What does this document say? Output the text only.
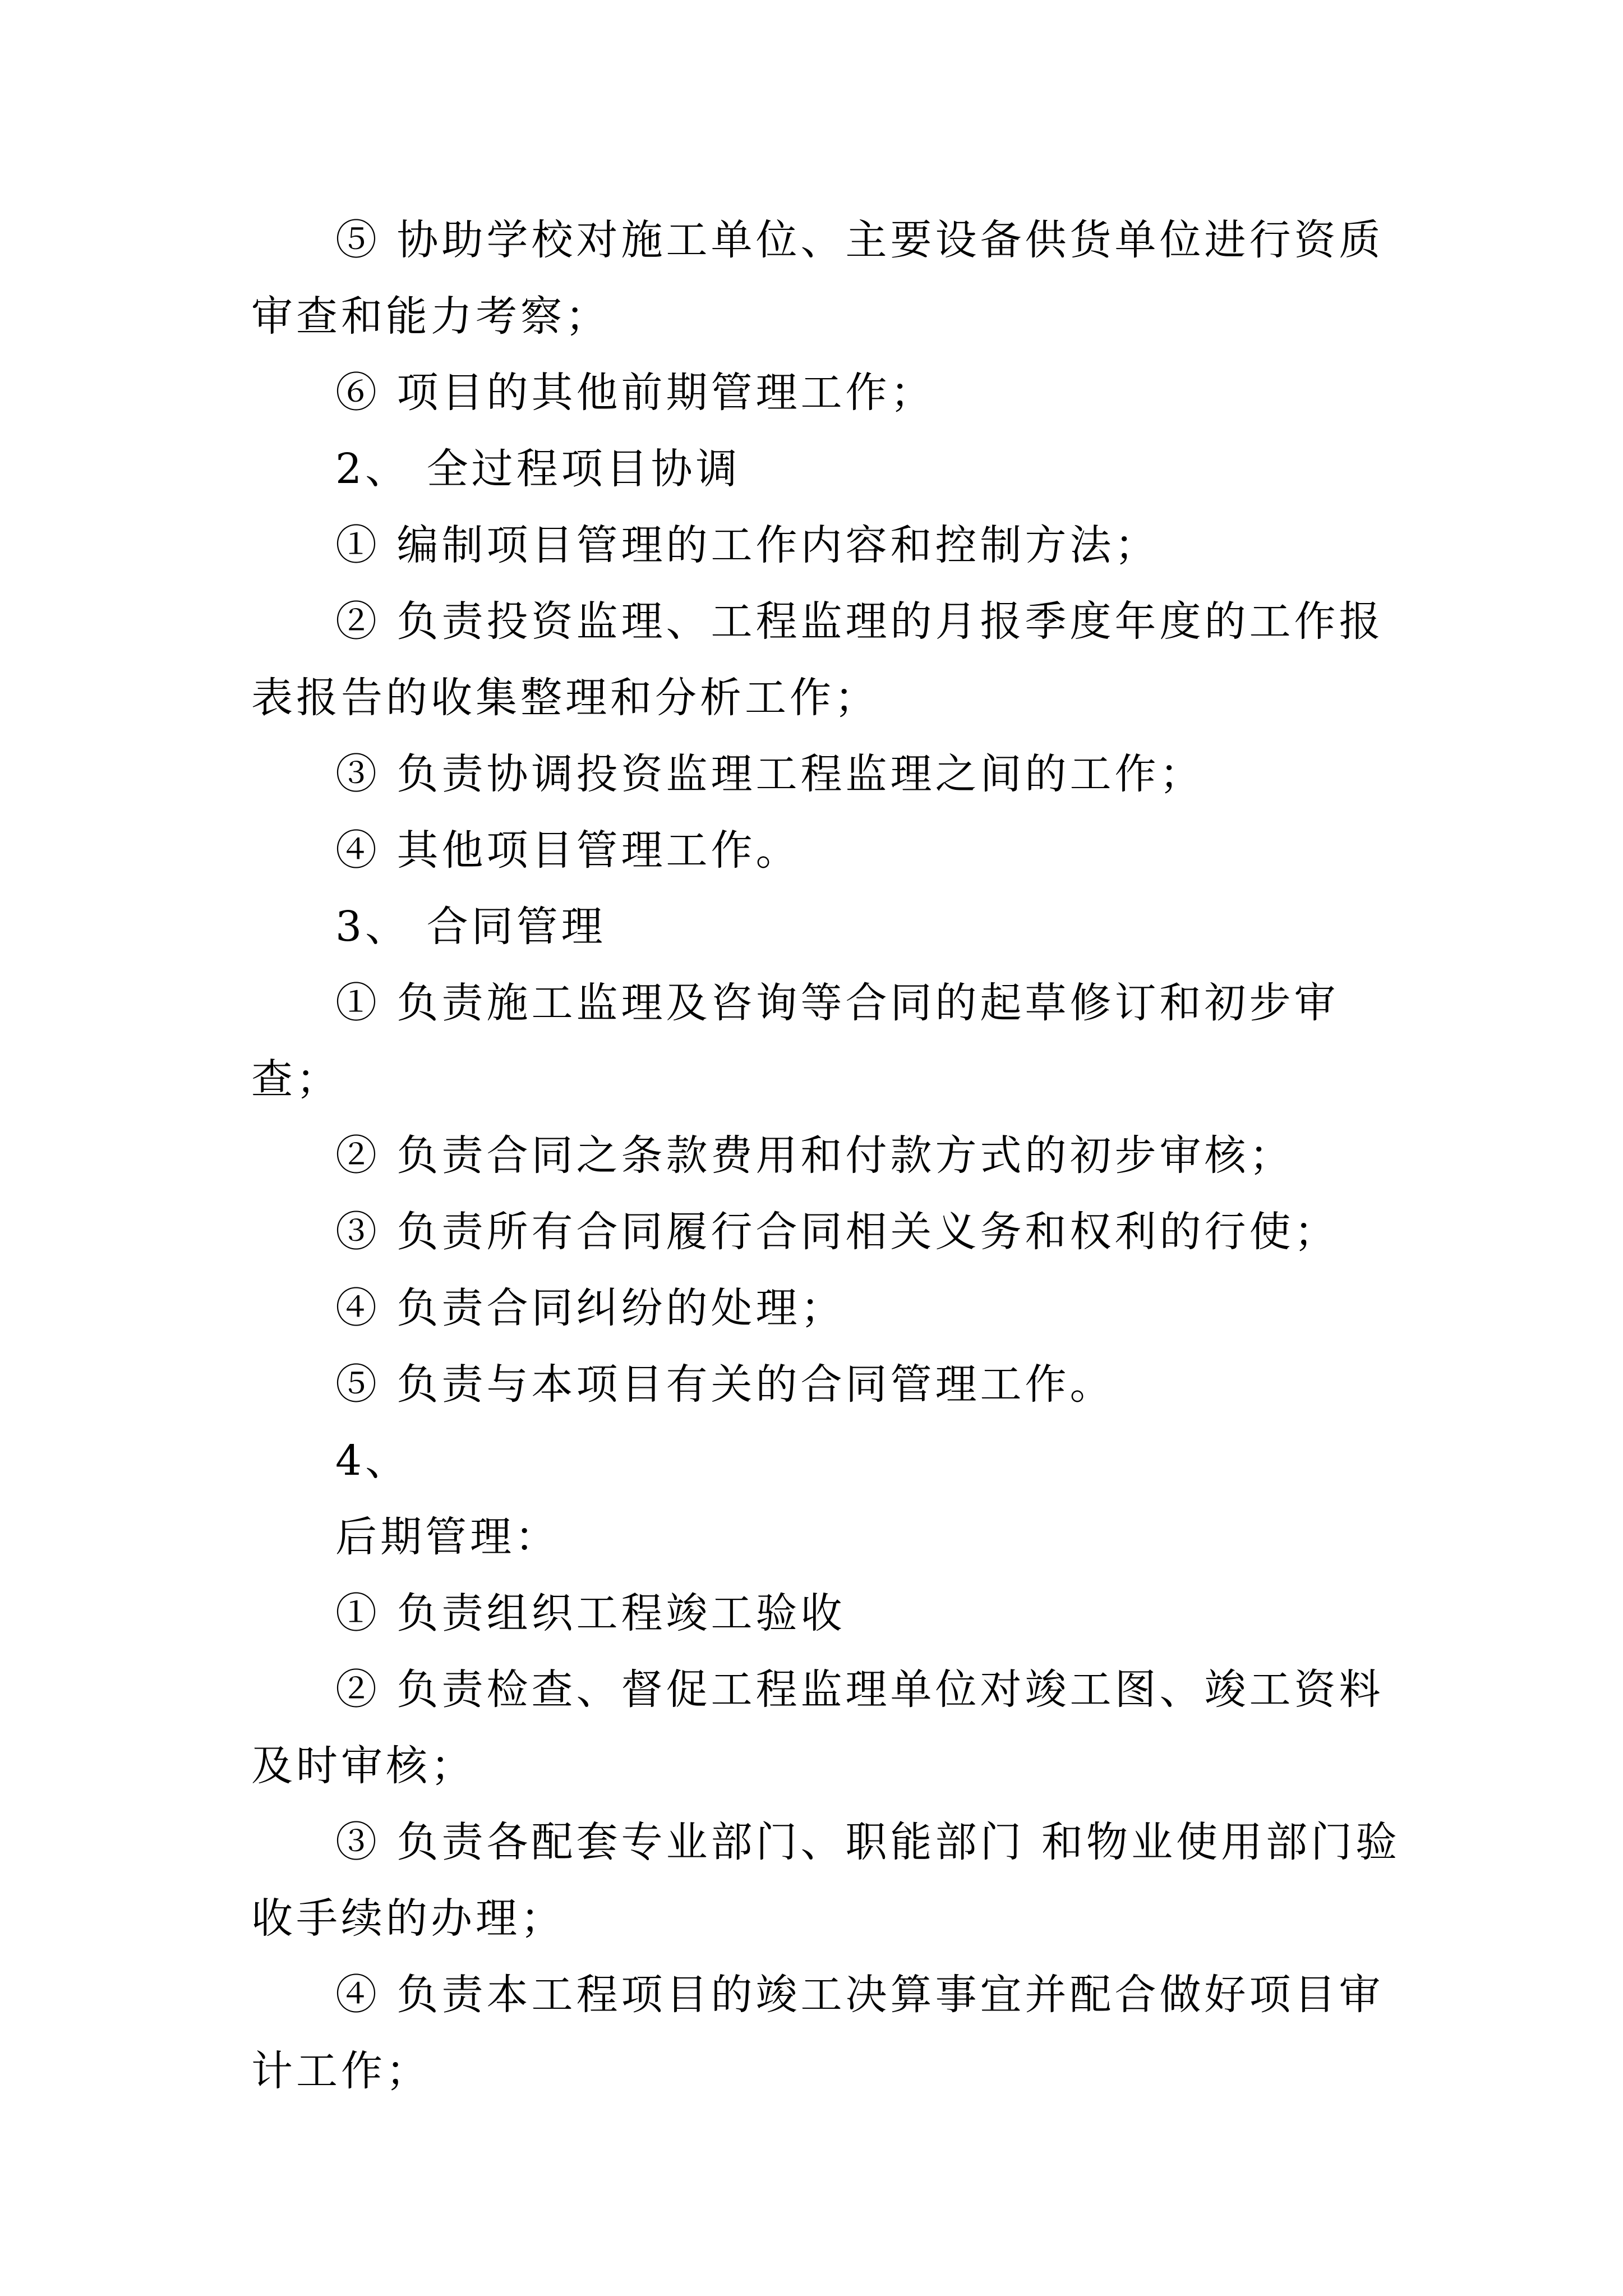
⑤ 协助学校对施工单位、主要设备供货单位进行资质审查和能力考察；

⑥ 项目的其他前期管理工作；

2、 全过程项目协调

① 编制项目管理的工作内容和控制方法；

② 负责投资监理、工程监理的月报季度年度的工作报表报告的收集整理和分析工作；

③ 负责协调投资监理工程监理之间的工作；

④ 其他项目管理工作。

3、 合同管理

① 负责施工监理及咨询等合同的起草修订和初步审查；

② 负责合同之条款费用和付款方式的初步审核；

③ 负责所有合同履行合同相关义务和权利的行使；

④ 负责合同纠纷的处理；

⑤ 负责与本项目有关的合同管理工作。

4、

后期管理：

① 负责组织工程竣工验收

② 负责检查、督促工程监理单位对竣工图、竣工资料及时审核；

③ 负责各配套专业部门、职能部门 和物业使用部门验收手续的办理；

④ 负责本工程项目的竣工决算事宜并配合做好项目审计工作；
